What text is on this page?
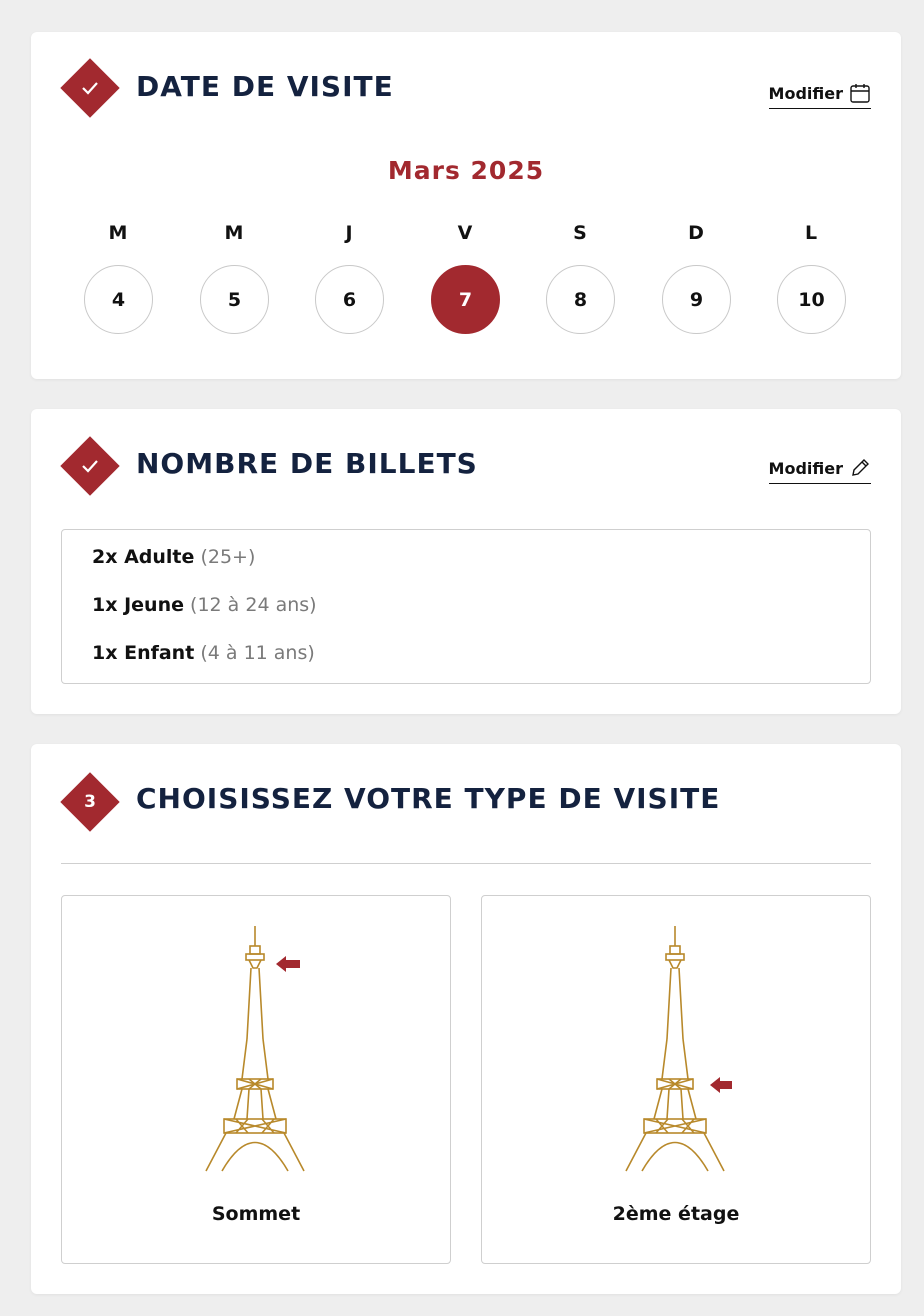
DATE DE VISITE	Modifier
Mars 2025
M	M	J	V	S	D	L
4	5	6	7	8	9	10
NOMBRE DE BILLETS	Modifier
2x Adulte (25+)
1x Jeune (12 à 24 ans)
1x Enfant (4 à 11 ans)
3	CHOISISSEZ VOTRE TYPE DE VISITE
Sommet	2ème étage
